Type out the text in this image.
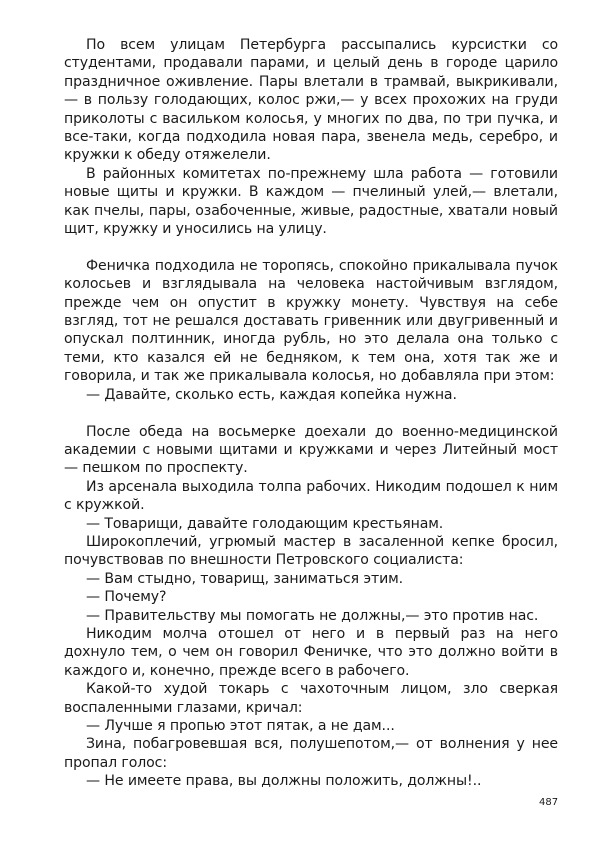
По всем улицам Петербурга рассыпались курсистки со студентами, продавали парами, и целый день в городе царило праздничное оживление. Пары влетали в трамвай, выкрикивали,— в пользу голодающих, колос ржи,— у всех прохожих на груди приколоты с васильком колосья, у многих по два, по три пучка, и все-таки, когда подходила новая пара, звенела медь, серебро, и кружки к обеду отяжелели.

В районных комитетах по-прежнему шла работа — готовили новые щиты и кружки. В каждом — пчелиный улей,— влетали, как пчелы, пары, озабоченные, живые, радостные, хватали новый щит, кружку и уносились на улицу.

Феничка подходила не торопясь, спокойно прикалывала пучок колосьев и взглядывала на человека настойчивым взглядом, прежде чем он опустит в кружку монету. Чувствуя на себе взгляд, тот не решался доставать гривенник или двугривенный и опускал полтинник, иногда рубль, но это делала она только с теми, кто казался ей не бедняком, к тем она, хотя так же и говорила, и так же прикалывала колосья, но добавляла при этом:

— Давайте, сколько есть, каждая копейка нужна.

После обеда на восьмерке доехали до военно-медицинской академии с новыми щитами и кружками и через Литейный мост — пешком по проспекту.

Из арсенала выходила толпа рабочих. Никодим подошел к ним с кружкой.

— Товарищи, давайте голодающим крестьянам.

Широкоплечий, угрюмый мастер в засаленной кепке бросил, почувствовав по внешности Петровского социалиста:

— Вам стыдно, товарищ, заниматься этим.

— Почему?

— Правительству мы помогать не должны,— это против нас.

Никодим молча отошел от него и в первый раз на него дохнуло тем, о чем он говорил Феничке, что это должно войти в каждого и, конечно, прежде всего в рабочего.

Какой-то худой токарь с чахоточным лицом, зло сверкая воспаленными глазами, кричал:

— Лучше я пропью этот пятак, а не дам...

Зина, побагровевшая вся, полушепотом,— от волнения у нее пропал голос:

— Не имеете права, вы должны положить, должны!..

487
